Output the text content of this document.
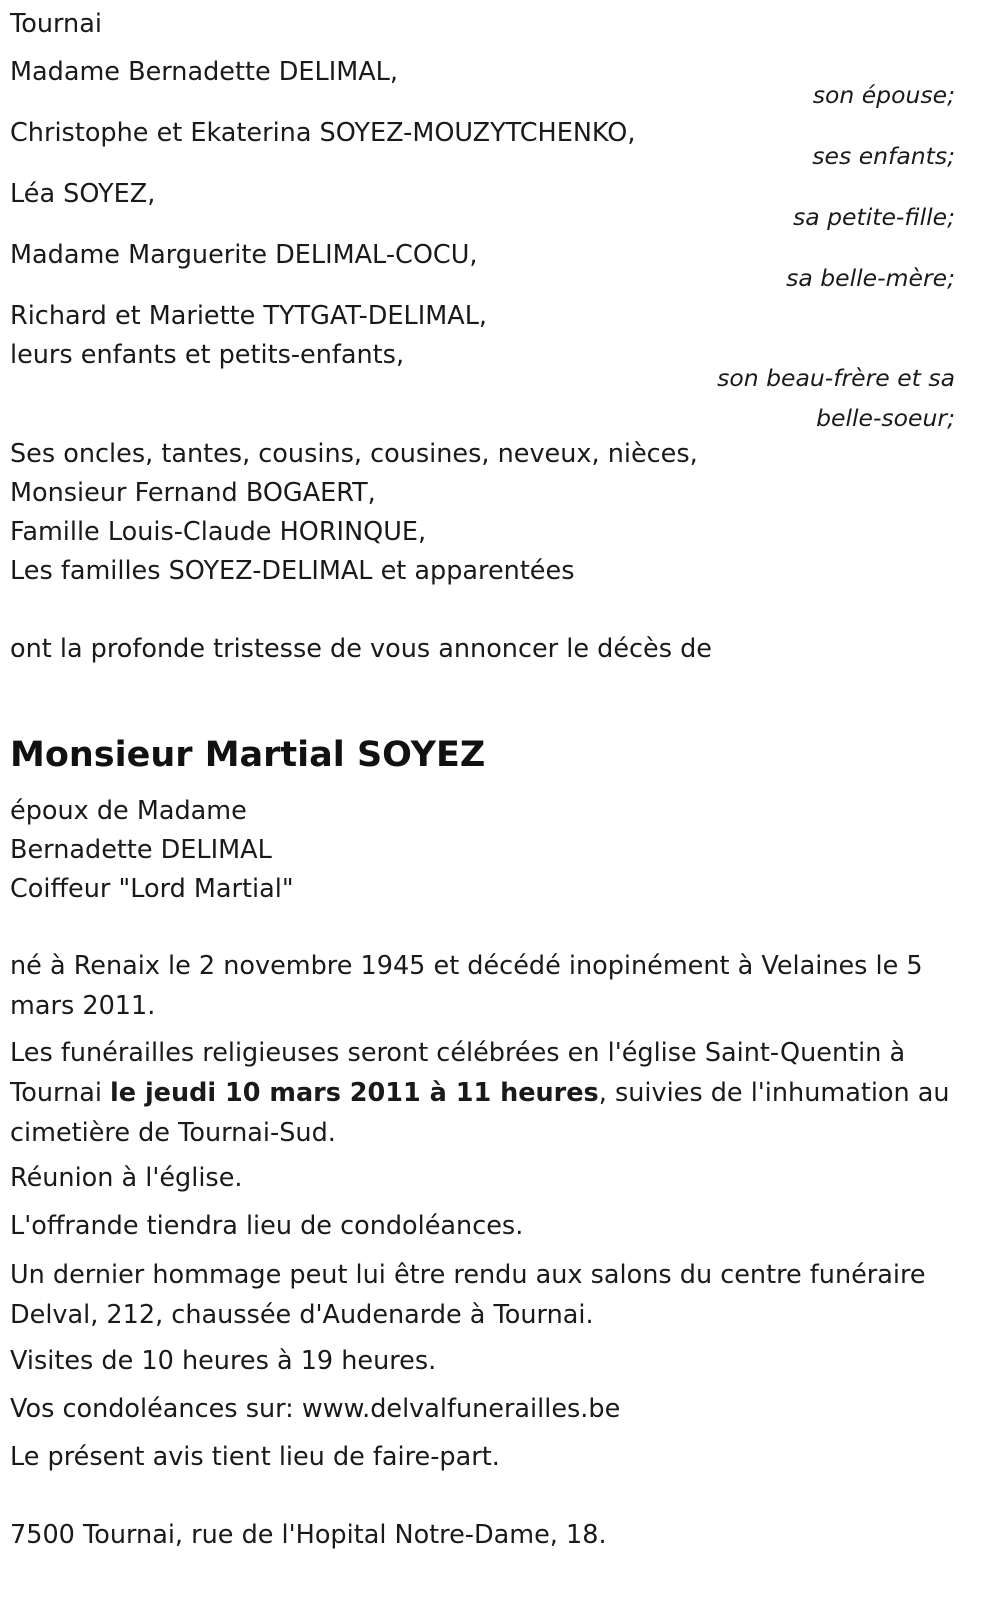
Tournai

Madame Bernadette DELIMAL,

son épouse;

Christophe et Ekaterina SOYEZ-MOUZYTCHENKO,

ses enfants;

Léa SOYEZ,

sa petite-fille;

Madame Marguerite DELIMAL-COCU,

sa belle-mère;

Richard et Mariette TYTGAT-DELIMAL,

leurs enfants et petits-enfants,

son beau-frère et sa belle-soeur;

Ses oncles, tantes, cousins, cousines, neveux, nièces,

Monsieur Fernand BOGAERT,

Famille Louis-Claude HORINQUE,

Les familles SOYEZ-DELIMAL et apparentées

ont la profonde tristesse de vous annoncer le décès de

Monsieur Martial SOYEZ

époux de Madame

Bernadette DELIMAL

Coiffeur "Lord Martial"

né à Renaix le 2 novembre 1945 et décédé inopinément à Velaines le 5 mars 2011.

Les funérailles religieuses seront célébrées en l'église Saint-Quentin à Tournai le jeudi 10 mars 2011 à 11 heures, suivies de l'inhumation au cimetière de Tournai-Sud.

Réunion à l'église.

L'offrande tiendra lieu de condoléances.

Un dernier hommage peut lui être rendu aux salons du centre funéraire Delval, 212, chaussée d'Audenarde à Tournai.

Visites de 10 heures à 19 heures.

Vos condoléances sur: www.delvalfunerailles.be

Le présent avis tient lieu de faire-part.

7500 Tournai, rue de l'Hopital Notre-Dame, 18.
